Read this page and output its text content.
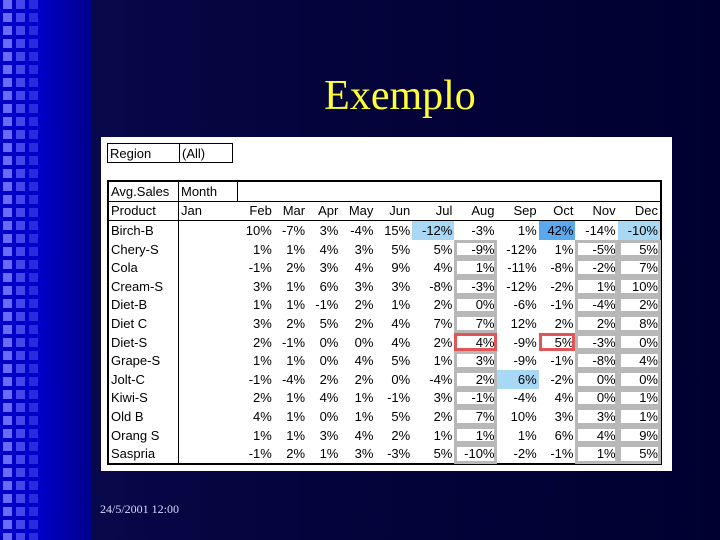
Exemplo
Region	(All)
Avg.Sales	Month											
Product	Jan	Feb	Mar	Apr	May	Jun	Jul	Aug	Sep	Oct	Nov	Dec
Birch-B		10%	-7%	3%	-4%	15%	-12%	-3%	1%	42%	-14%	-10%
Chery-S		1%	1%	4%	3%	5%	5%	-9%	-12%	1%	-5%	5%
Cola		-1%	2%	3%	4%	9%	4%	1%	-11%	-8%	-2%	7%
Cream-S		3%	1%	6%	3%	3%	-8%	-3%	-12%	-2%	1%	10%
Diet-B		1%	1%	-1%	2%	1%	2%	0%	-6%	-1%	-4%	2%
Diet C		3%	2%	5%	2%	4%	7%	7%	12%	2%	2%	8%
Diet-S		2%	-1%	0%	0%	4%	2%	4%	-9%	5%	-3%	0%
Grape-S		1%	1%	0%	4%	5%	1%	3%	-9%	-1%	-8%	4%
Jolt-C		-1%	-4%	2%	2%	0%	-4%	2%	6%	-2%	0%	0%
Kiwi-S		2%	1%	4%	1%	-1%	3%	-1%	-4%	4%	0%	1%
Old B		4%	1%	0%	1%	5%	2%	7%	10%	3%	3%	1%
Orang S		1%	1%	3%	4%	2%	1%	1%	1%	6%	4%	9%
Saspria		-1%	2%	1%	3%	-3%	5%	-10%	-2%	-1%	1%	5%
24/5/2001 12:00
